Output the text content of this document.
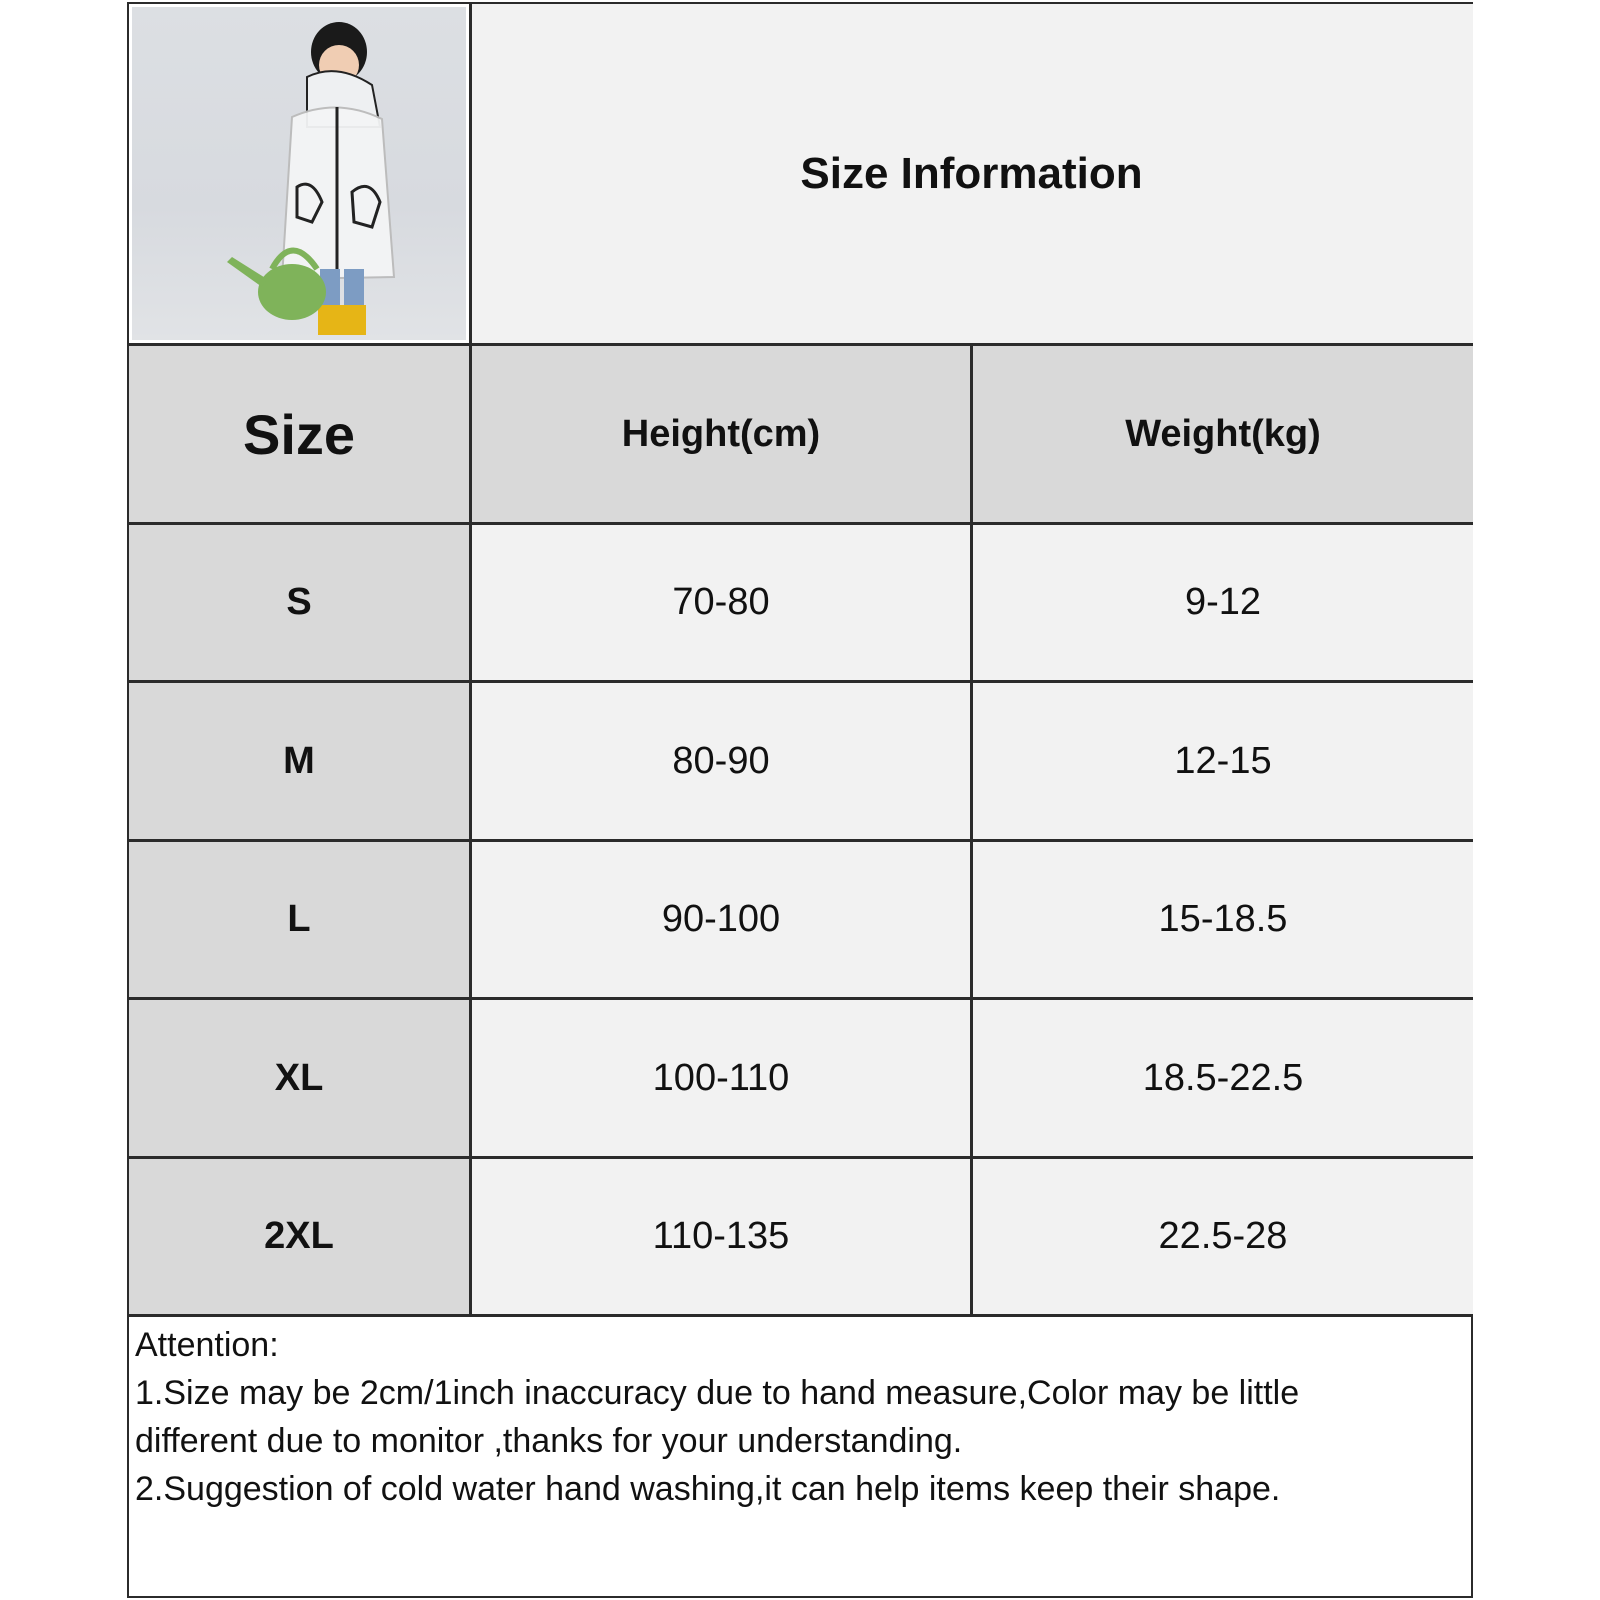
Size Information
Size	Height(cm)	Weight(kg)
S	70-80	9-12
M	80-90	12-15
L	90-100	15-18.5
XL	100-110	18.5-22.5
2XL	110-135	22.5-28
Attention:
1.Size may be 2cm/1inch inaccuracy due to hand measure,Color may be little
different due to monitor ,thanks for your understanding.
2.Suggestion of cold water hand washing,it can help items keep their shape.
